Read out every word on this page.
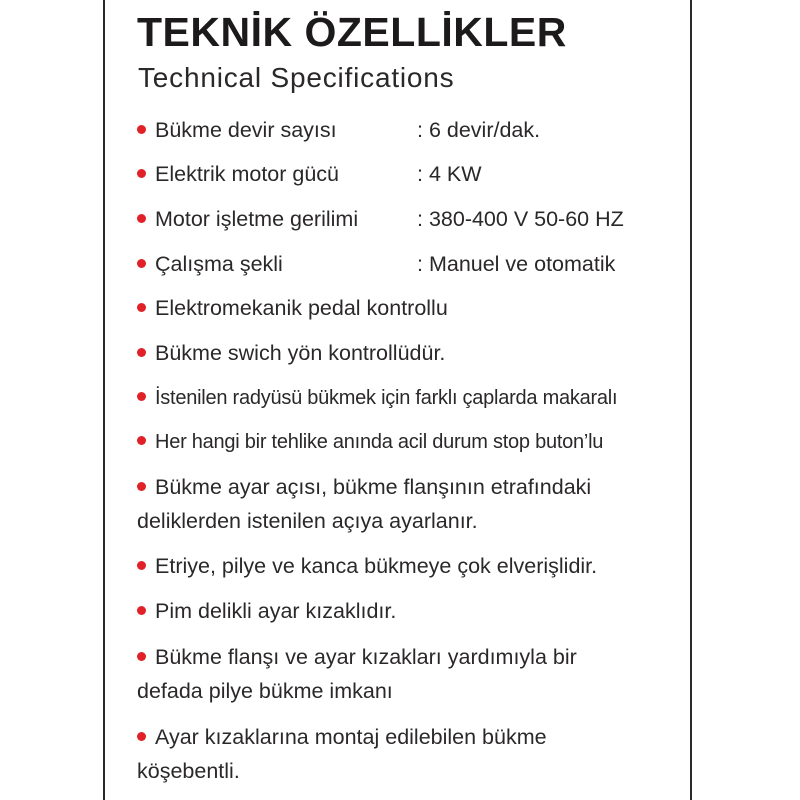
TEKNİK ÖZELLİKLER
Technical Specifications
Bükme devir sayısı	: 6 devir/dak.
Elektrik motor gücü	: 4 KW
Motor işletme gerilimi	: 380-400 V 50-60 HZ
Çalışma şekli	: Manuel ve otomatik
Elektromekanik pedal kontrollu
Bükme swich yön kontrollüdür.
İstenilen radyüsü bükmek için farklı çaplarda makaralı
Her hangi bir tehlike anında acil durum stop buton’lu
Bükme ayar açısı, bükme flanşının etrafındaki
deliklerden istenilen açıya ayarlanır.
Etriye, pilye ve kanca bükmeye çok elverişlidir.
Pim delikli ayar kızaklıdır.
Bükme flanşı ve ayar kızakları yardımıyla bir
defada pilye bükme imkanı
Ayar kızaklarına montaj edilebilen bükme
köşebentli.
